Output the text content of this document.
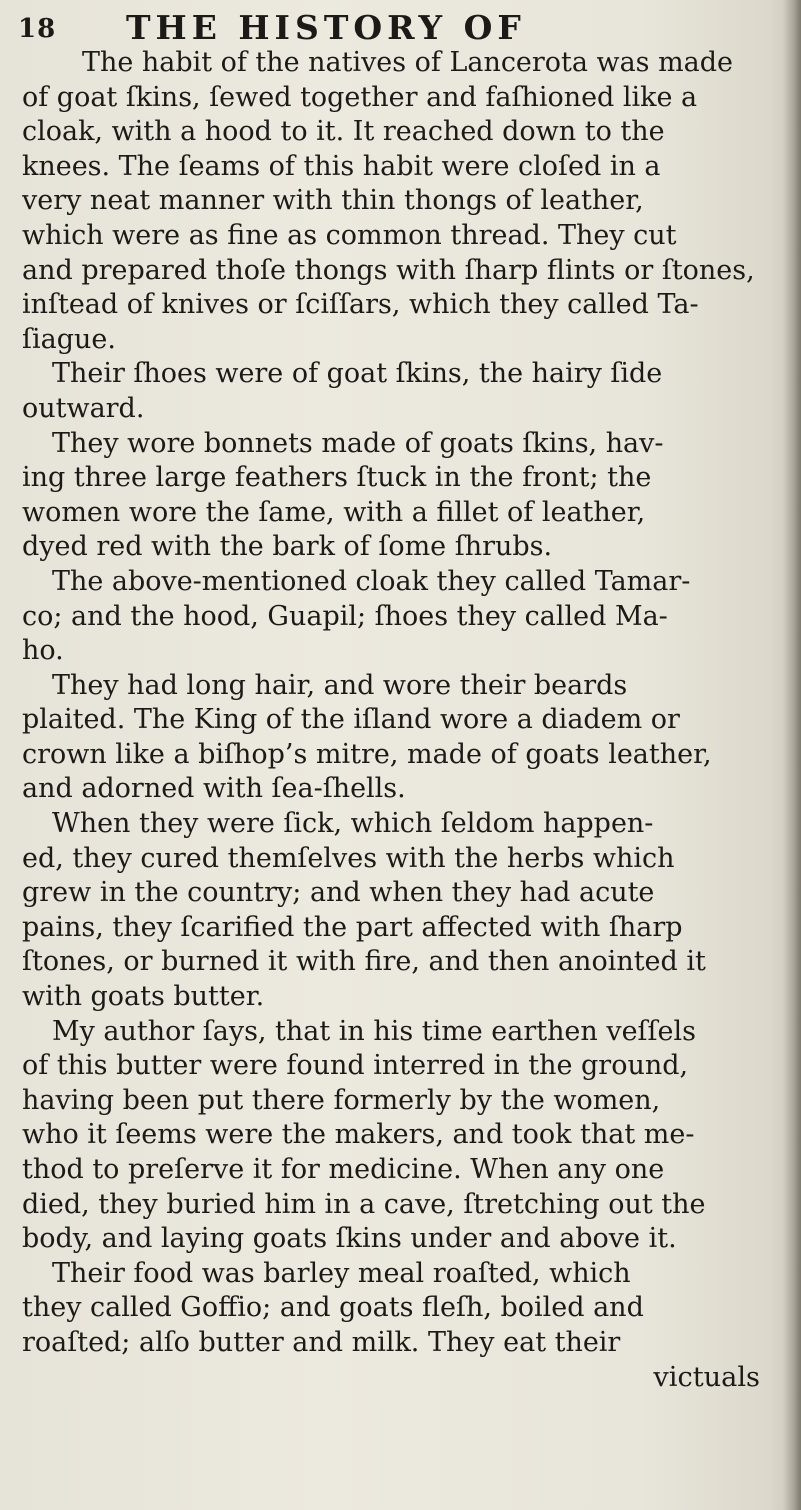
18 THE HISTORY OF
The habit of the natives of Lancerota was made
of goat ſkins, ſewed together and faſhioned like a
cloak, with a hood to it. It reached down to the
knees. The ſeams of this habit were cloſed in a
very neat manner with thin thongs of leather,
which were as fine as common thread. They cut
and prepared thoſe thongs with ſharp flints or ſtones,
inſtead of knives or ſciſſars, which they called Ta-
ſiague.
Their ſhoes were of goat ſkins, the hairy ſide
outward.
They wore bonnets made of goats ſkins, hav-
ing three large feathers ſtuck in the front; the
women wore the ſame, with a fillet of leather,
dyed red with the bark of ſome ſhrubs.
The above-mentioned cloak they called Tamar-
co; and the hood, Guapil; ſhoes they called Ma-
ho.
They had long hair, and wore their beards
plaited. The King of the iſland wore a diadem or
crown like a biſhop’s mitre, made of goats leather,
and adorned with ſea-ſhells.
When they were ſick, which ſeldom happen-
ed, they cured themſelves with the herbs which
grew in the country; and when they had acute
pains, they ſcarified the part affected with ſharp
ſtones, or burned it with fire, and then anointed it
with goats butter.
My author ſays, that in his time earthen veſſels
of this butter were found interred in the ground,
having been put there formerly by the women,
who it ſeems were the makers, and took that me-
thod to preſerve it for medicine. When any one
died, they buried him in a cave, ſtretching out the
body, and laying goats ſkins under and above it.
Their food was barley meal roaſted, which
they called Goffio; and goats fleſh, boiled and
roaſted; alſo butter and milk. They eat their
victuals
